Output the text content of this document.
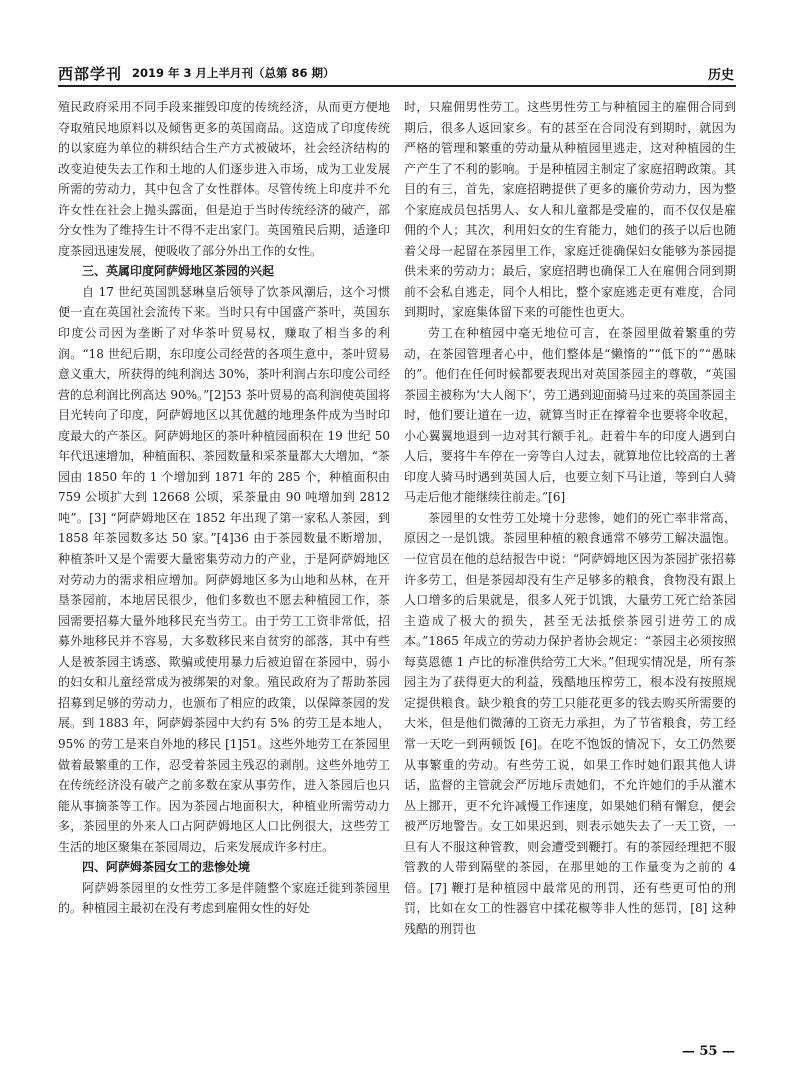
西部学刊 2019 年 3 月上半月刊（总第 86 期）	历史

殖民政府采用不同手段来摧毁印度的传统经济，从而更方便地夺取殖民地原料以及倾售更多的英国商品。这造成了印度传统的以家庭为单位的耕织结合生产方式被破坏，社会经济结构的改变迫使失去工作和土地的人们逐步进入市场，成为工业发展所需的劳动力，其中包含了女性群体。尽管传统上印度并不允许女性在社会上抛头露面，但是迫于当时传统经济的破产，部分女性为了维持生计不得不走出家门。英国殖民后期，适逢印度茶园迅速发展，便吸收了部分外出工作的女性。

三、英属印度阿萨姆地区茶园的兴起

自 17 世纪英国凯瑟琳皇后领导了饮茶风潮后，这个习惯便一直在英国社会流传下来。当时只有中国盛产茶叶，英国东印度公司因为垄断了对华茶叶贸易权，赚取了相当多的利润。“18 世纪后期，东印度公司经营的各项生意中，茶叶贸易意义重大，所获得的纯利润达 30%，茶叶利润占东印度公司经营的总利润比例高达 90%。”[2]53 茶叶贸易的高利润使英国将目光转向了印度，阿萨姆地区以其优越的地理条件成为当时印度最大的产茶区。阿萨姆地区的茶叶种植园面积在 19 世纪 50 年代迅速增加，种植面积、茶园数量和采茶量都大大增加，“茶园由 1850 年的 1 个增加到 1871 年的 285 个，种植面积由 759 公顷扩大到 12668 公顷，采茶量由 90 吨增加到 2812 吨”。[3] “阿萨姆地区在 1852 年出现了第一家私人茶园，到 1858 年茶园数多达 50 家。”[4]36 由于茶园数量不断增加，种植茶叶又是个需要大量密集劳动力的产业，于是阿萨姆地区对劳动力的需求相应增加。阿萨姆地区多为山地和丛林，在开垦茶园前，本地居民很少，他们多数也不愿去种植园工作，茶园需要招募大量外地移民充当劳工。由于劳工工资非常低，招募外地移民并不容易，大多数移民来自贫穷的部落，其中有些人是被茶园主诱惑、欺骗或使用暴力后被迫留在茶园中，弱小的妇女和儿童经常成为被绑架的对象。殖民政府为了帮助茶园招募到足够的劳动力，也颁布了相应的政策，以保障茶园的发展。到 1883 年，阿萨姆茶园中大约有 5% 的劳工是本地人，95% 的劳工是来自外地的移民 [1]51。这些外地劳工在茶园里做着最繁重的工作，忍受着茶园主残忍的剥削。这些外地劳工在传统经济没有破产之前多数在家从事劳作，进入茶园后也只能从事摘茶等工作。因为茶园占地面积大，种植业所需劳动力多，茶园里的外来人口占阿萨姆地区人口比例很大，这些劳工生活的地区聚集在茶园周边，后来发展成许多村庄。

四、阿萨姆茶园女工的悲惨处境

阿萨姆茶园里的女性劳工多是伴随整个家庭迁徙到茶园里的。种植园主最初在没有考虑到雇佣女性的好处

时，只雇佣男性劳工。这些男性劳工与种植园主的雇佣合同到期后，很多人返回家乡。有的甚至在合同没有到期时，就因为严格的管理和繁重的劳动量从种植园里逃走，这对种植园的生产产生了不利的影响。于是种植园主制定了家庭招聘政策。其目的有三，首先，家庭招聘提供了更多的廉价劳动力，因为整个家庭成员包括男人、女人和儿童都是受雇的，而不仅仅是雇佣的个人；其次，利用妇女的生育能力，她们的孩子以后也随着父母一起留在茶园里工作，家庭迁徙确保妇女能够为茶园提供未来的劳动力；最后，家庭招聘也确保工人在雇佣合同到期前不会私自逃走，同个人相比，整个家庭逃走更有难度，合同到期时，家庭集体留下来的可能性也更大。

劳工在种植园中毫无地位可言，在茶园里做着繁重的劳动，在茶园管理者心中，他们整体是“懒惰的”“低下的”“愚昧的”。他们在任何时候都要表现出对英国茶园主的尊敬，“英国茶园主被称为‘大人阁下’，劳工遇到迎面骑马过来的英国茶园主时，他们要让道在一边，就算当时正在撑着伞也要将伞收起，小心翼翼地退到一边对其行额手礼。赶着牛车的印度人遇到白人后，要将牛车停在一旁等白人过去，就算地位比较高的土著印度人骑马时遇到英国人后，也要立刻下马让道，等到白人骑马走后他才能继续往前走。”[6]

茶园里的女性劳工处境十分悲惨，她们的死亡率非常高，原因之一是饥饿。茶园里种植的粮食通常不够劳工解决温饱。一位官员在他的总结报告中说：“阿萨姆地区因为茶园扩张招募许多劳工，但是茶园却没有生产足够多的粮食，食物没有跟上人口增多的后果就是，很多人死于饥饿，大量劳工死亡给茶园主造成了极大的损失，甚至无法抵偿茶园引进劳工的成本。”1865 年成立的劳动力保护者协会规定：“茶园主必须按照每莫恩德 1 卢比的标准供给劳工大米。”但现实情况是，所有茶园主为了获得更大的利益，残酷地压榨劳工，根本没有按照规定提供粮食。缺少粮食的劳工只能花更多的钱去购买所需要的大米，但是他们微薄的工资无力承担，为了节省粮食，劳工经常一天吃一到两顿饭 [6]。在吃不饱饭的情况下，女工仍然要从事繁重的劳动。有些劳工说，如果工作时她们跟其他人讲话，监督的主管就会严厉地斥责她们，不允许她们的手从灌木丛上挪开，更不允许减慢工作速度，如果她们稍有懈怠，便会被严厉地警告。女工如果迟到，则表示她失去了一天工资，一旦有人不服这种管教，则会遭受到鞭打。有的茶园经理把不服管教的人带到隔壁的茶园，在那里她的工作量变为之前的 4 倍。[7] 鞭打是种植园中最常见的刑罚，还有些更可怕的刑罚，比如在女工的性器官中揉花椒等非人性的惩罚，[8] 这种残酷的刑罚也

— 55 —
